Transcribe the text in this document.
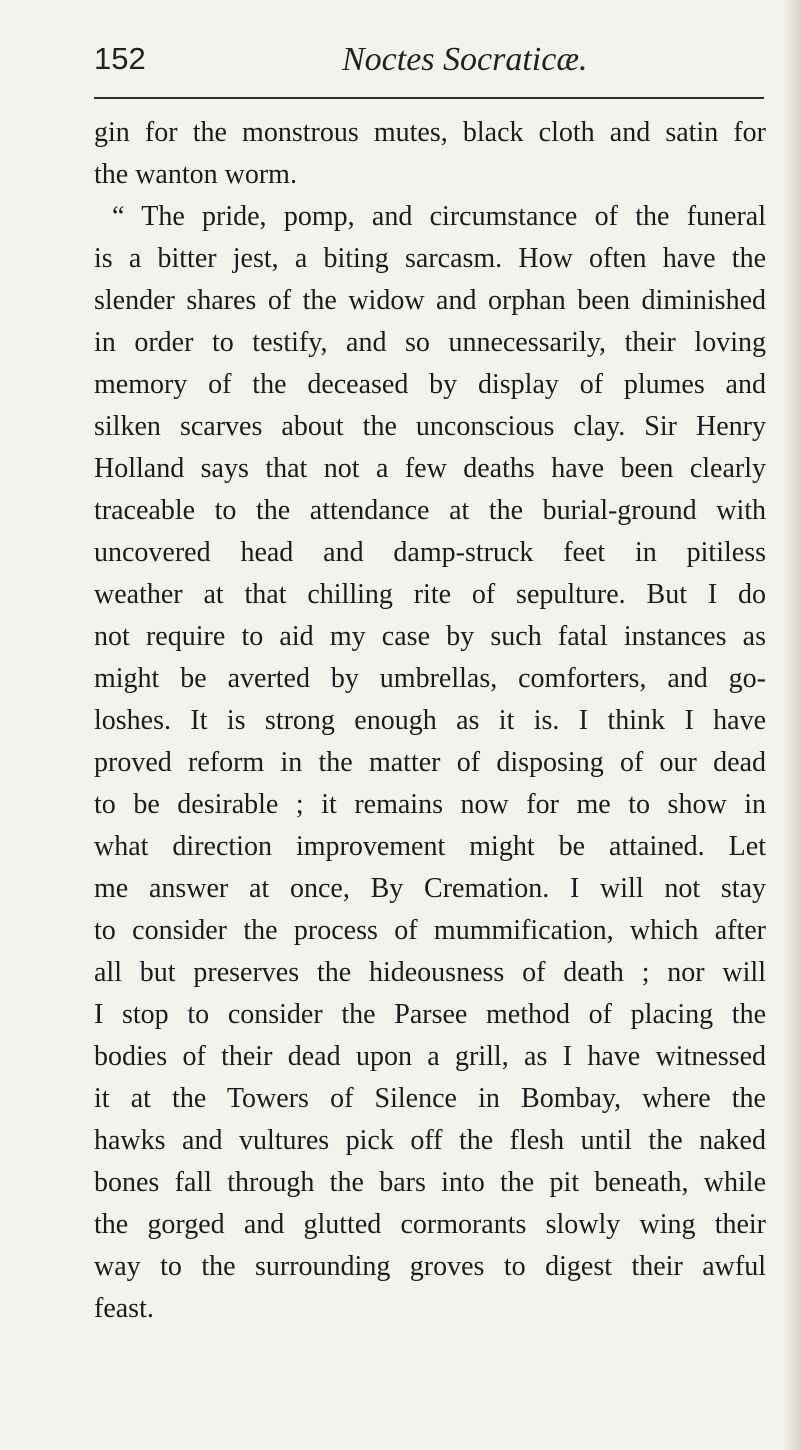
152	Noctes Socraticæ.
gin for the monstrous mutes, black cloth and satin for
the wanton worm.
“ The pride, pomp, and circumstance of the funeral
is a bitter jest, a biting sarcasm. How often have the
slender shares of the widow and orphan been diminished
in order to testify, and so unnecessarily, their loving
memory of the deceased by display of plumes and
silken scarves about the unconscious clay. Sir Henry
Holland says that not a few deaths have been clearly
traceable to the attendance at the burial-ground with
uncovered head and damp-struck feet in pitiless
weather at that chilling rite of sepulture. But I do
not require to aid my case by such fatal instances as
might be averted by umbrellas, comforters, and go-
loshes. It is strong enough as it is. I think I have
proved reform in the matter of disposing of our dead
to be desirable ; it remains now for me to show in
what direction improvement might be attained. Let
me answer at once, By Cremation. I will not stay
to consider the process of mummification, which after
all but preserves the hideousness of death ; nor will
I stop to consider the Parsee method of placing the
bodies of their dead upon a grill, as I have witnessed
it at the Towers of Silence in Bombay, where the
hawks and vultures pick off the flesh until the naked
bones fall through the bars into the pit beneath, while
the gorged and glutted cormorants slowly wing their
way to the surrounding groves to digest their awful
feast.
